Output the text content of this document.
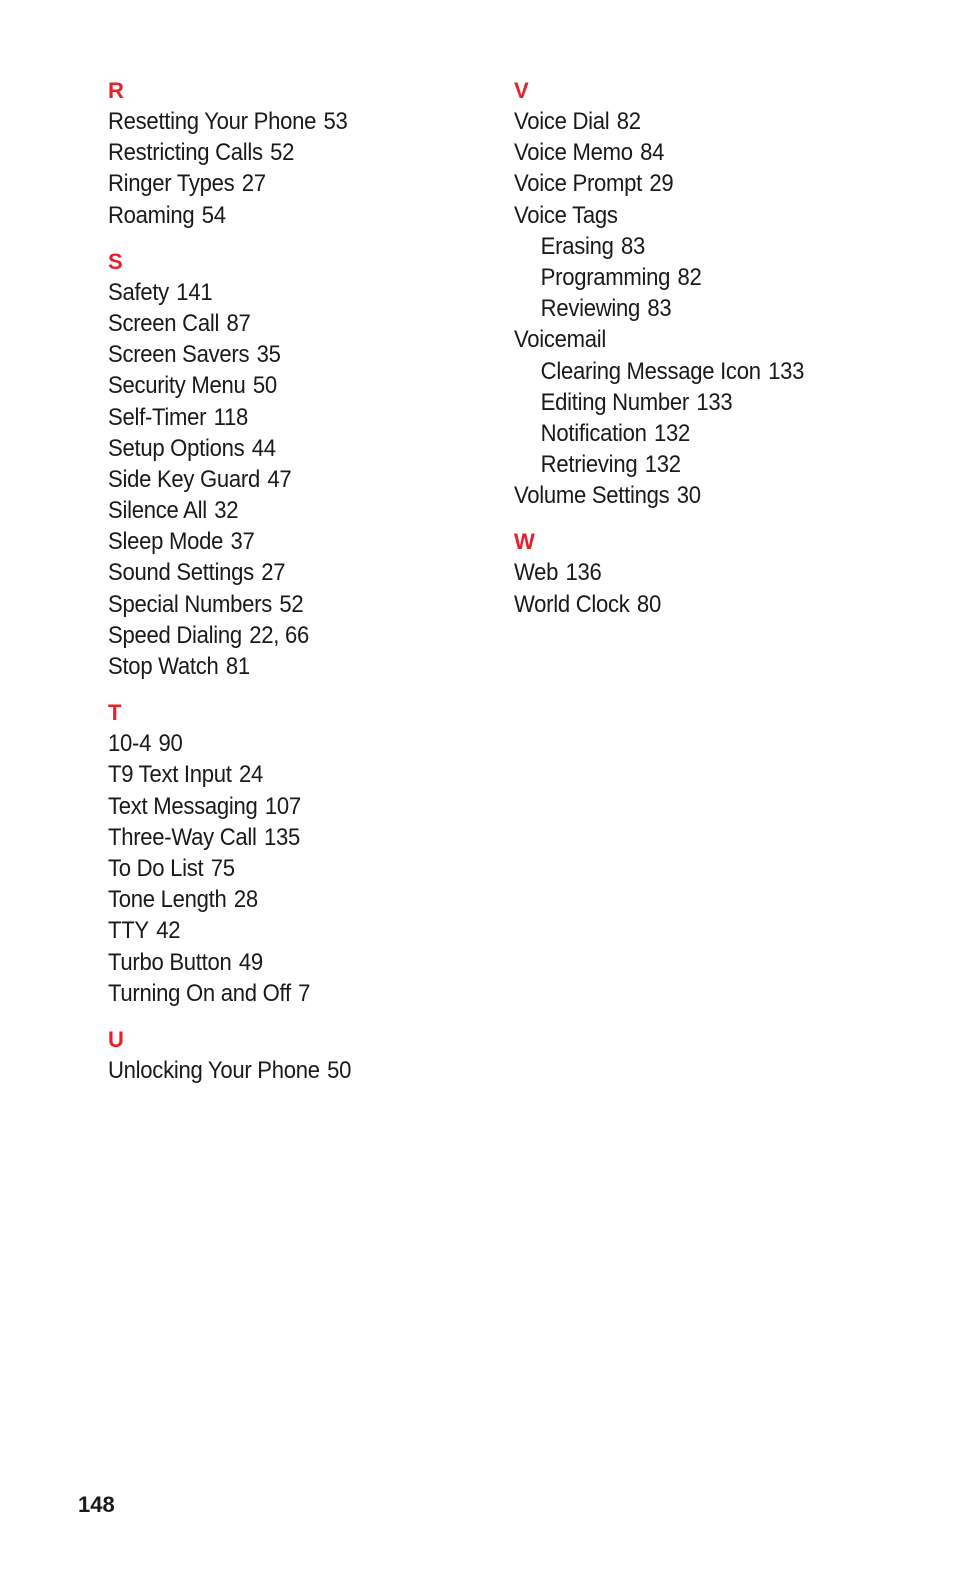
R
Resetting Your Phone 53
Restricting Calls 52
Ringer Types 27
Roaming 54
S
Safety 141
Screen Call 87
Screen Savers 35
Security Menu 50
Self-Timer 118
Setup Options 44
Side Key Guard 47
Silence All 32
Sleep Mode 37
Sound Settings 27
Special Numbers 52
Speed Dialing 22, 66
Stop Watch 81
T
10-4 90
T9 Text Input 24
Text Messaging 107
Three-Way Call 135
To Do List 75
Tone Length 28
TTY 42
Turbo Button 49
Turning On and Off 7
U
Unlocking Your Phone 50
V
Voice Dial 82
Voice Memo 84
Voice Prompt 29
Voice Tags
Erasing 83
Programming 82
Reviewing 83
Voicemail
Clearing Message Icon 133
Editing Number 133
Notification 132
Retrieving 132
Volume Settings 30
W
Web 136
World Clock 80
148
